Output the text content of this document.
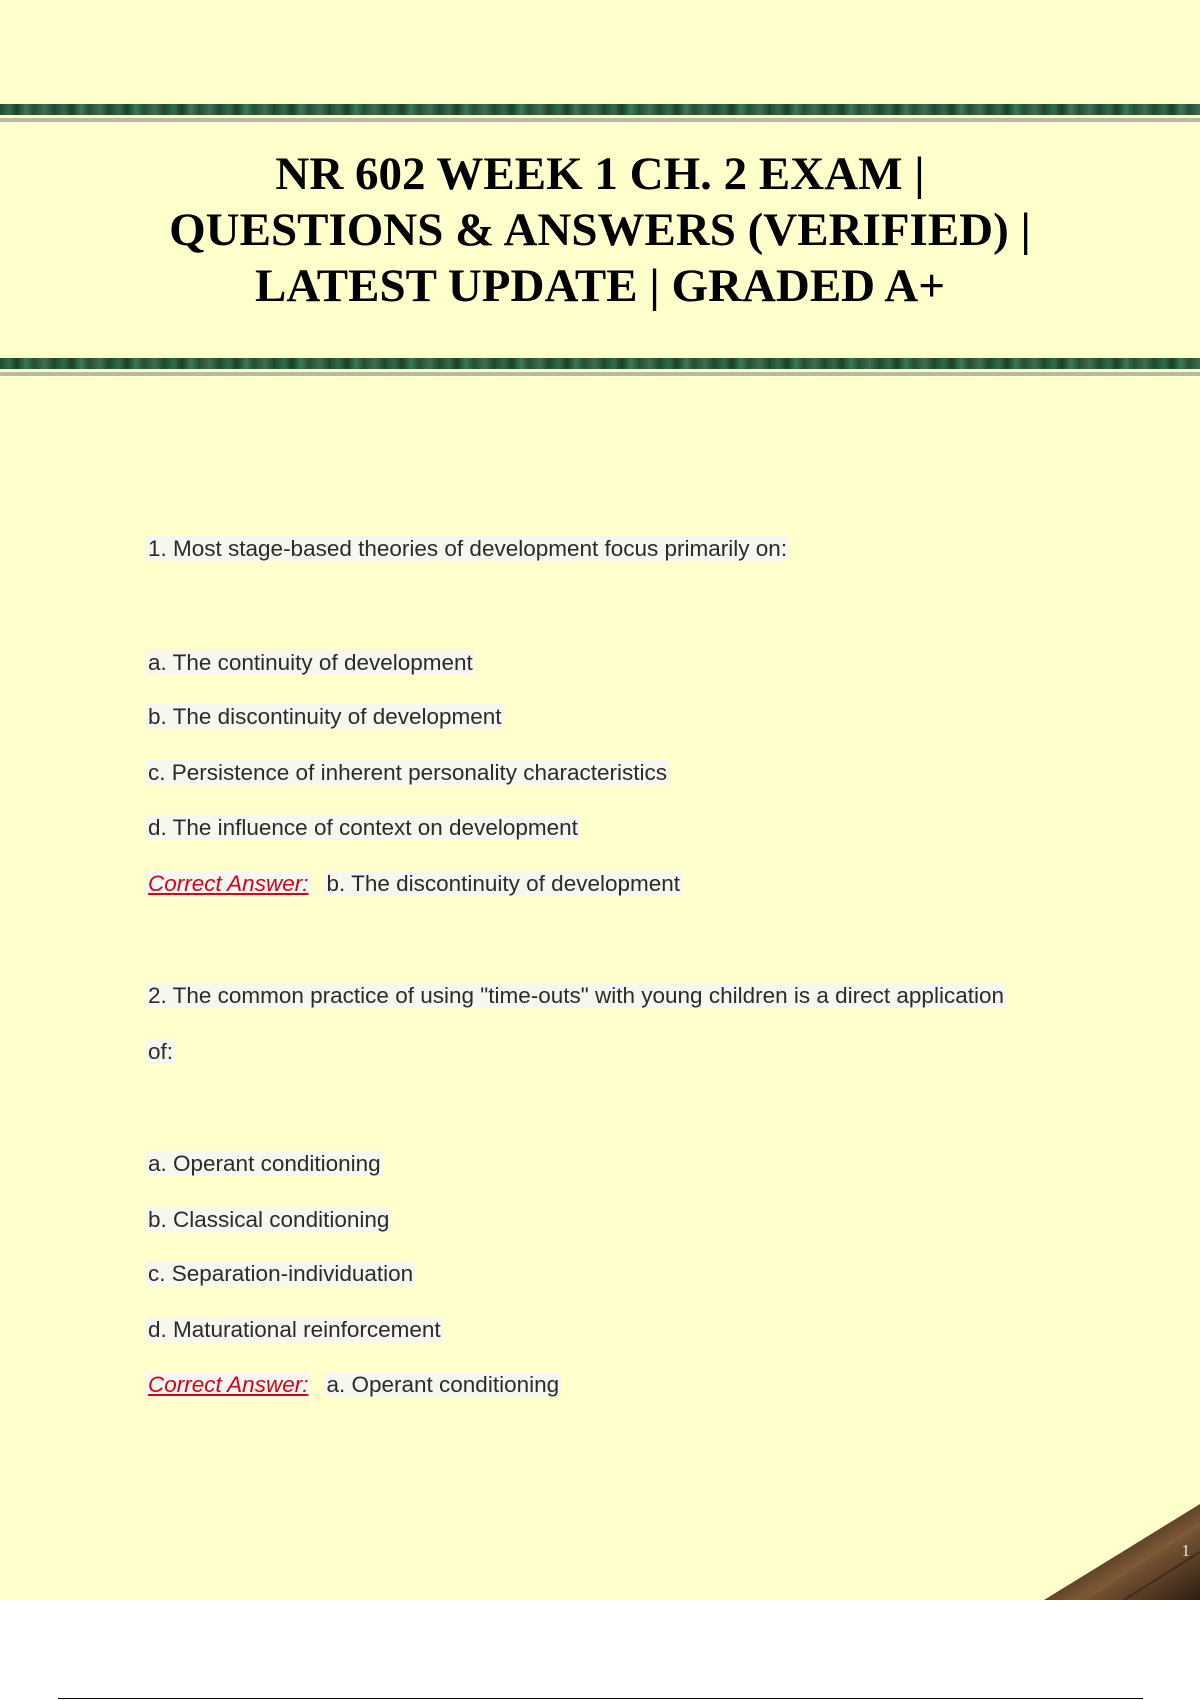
NR 602 WEEK 1 CH. 2 EXAM |
QUESTIONS & ANSWERS (VERIFIED) |
LATEST UPDATE | GRADED A+
1. Most stage-based theories of development focus primarily on:
a. The continuity of development
b. The discontinuity of development
c. Persistence of inherent personality characteristics
d. The influence of context on development
Correct Answer: b. The discontinuity of development
2. The common practice of using "time-outs" with young children is a direct application
of:
a. Operant conditioning
b. Classical conditioning
c. Separation-individuation
d. Maturational reinforcement
Correct Answer: a. Operant conditioning
1
